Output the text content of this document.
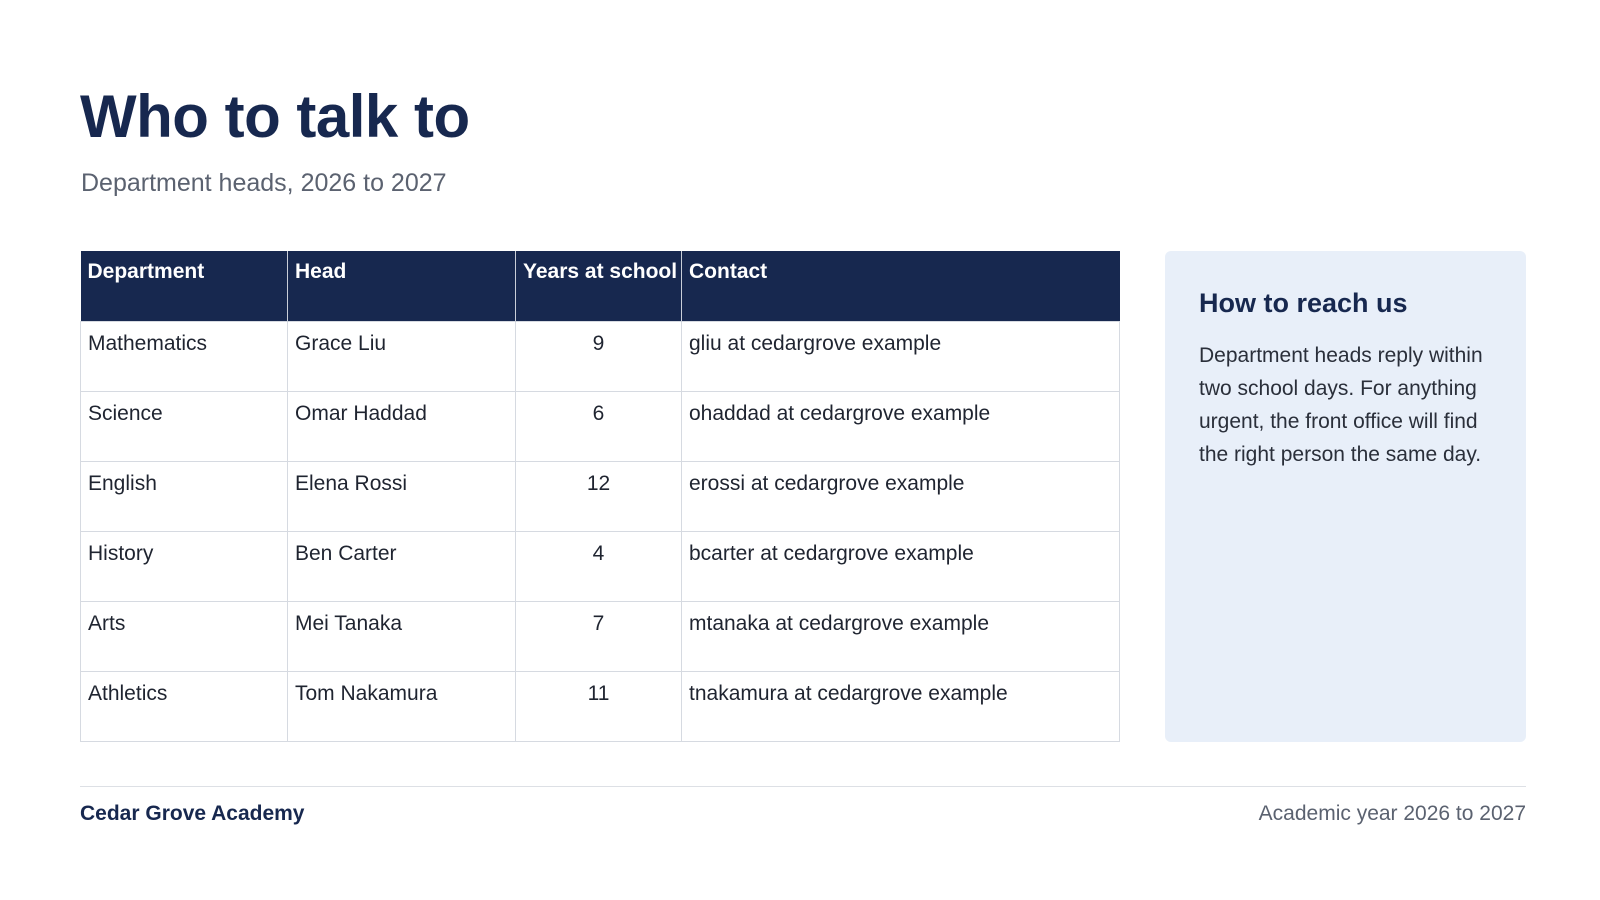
Who to talk to
Department heads, 2026 to 2027
Department	Head	Years at school	Contact
Mathematics	Grace Liu	9	gliu at cedargrove example
Science	Omar Haddad	6	ohaddad at cedargrove example
English	Elena Rossi	12	erossi at cedargrove example
History	Ben Carter	4	bcarter at cedargrove example
Arts	Mei Tanaka	7	mtanaka at cedargrove example
Athletics	Tom Nakamura	11	tnakamura at cedargrove example
How to reach us

Department heads reply within two school days. For anything urgent, the front office will find the right person the same day.

Cedar Grove Academy	Academic year 2026 to 2027
